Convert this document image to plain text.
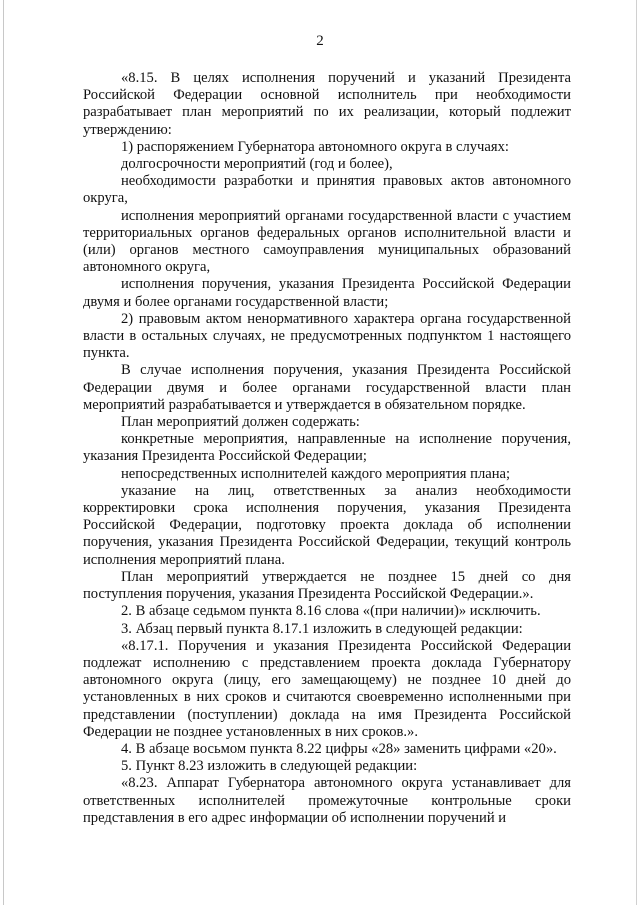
2

«8.15. В целях исполнения поручений и указаний Президента Российской Федерации основной исполнитель при необходимости разрабатывает план мероприятий по их реализации, который подлежит утверждению:

1) распоряжением Губернатора автономного округа в случаях:

долгосрочности мероприятий (год и более),

необходимости разработки и принятия правовых актов автономного округа,

исполнения мероприятий органами государственной власти с участием территориальных органов федеральных органов исполнительной власти и (или) органов местного самоуправления муниципальных образований автономного округа,

исполнения поручения, указания Президента Российской Федерации двумя и более органами государственной власти;

2) правовым актом ненормативного характера органа государственной власти в остальных случаях, не предусмотренных подпунктом 1 настоящего пункта.

В случае исполнения поручения, указания Президента Российской Федерации двумя и более органами государственной власти план мероприятий разрабатывается и утверждается в обязательном порядке.

План мероприятий должен содержать:

конкретные мероприятия, направленные на исполнение поручения, указания Президента Российской Федерации;

непосредственных исполнителей каждого мероприятия плана;

указание на лиц, ответственных за анализ необходимости корректировки срока исполнения поручения, указания Президента Российской Федерации, подготовку проекта доклада об исполнении поручения, указания Президента Российской Федерации, текущий контроль исполнения мероприятий плана.

План мероприятий утверждается не позднее 15 дней со дня поступления поручения, указания Президента Российской Федерации.».

2. В абзаце седьмом пункта 8.16 слова «(при наличии)» исключить.

3. Абзац первый пункта 8.17.1 изложить в следующей редакции:

«8.17.1. Поручения и указания Президента Российской Федерации подлежат исполнению с представлением проекта доклада Губернатору автономного округа (лицу, его замещающему) не позднее 10 дней до установленных в них сроков и считаются своевременно исполненными при представлении (поступлении) доклада на имя Президента Российской Федерации не позднее установленных в них сроков.».

4. В абзаце восьмом пункта 8.22 цифры «28» заменить цифрами «20».

5. Пункт 8.23 изложить в следующей редакции:

«8.23. Аппарат Губернатора автономного округа устанавливает для ответственных исполнителей промежуточные контрольные сроки представления в его адрес информации об исполнении поручений и
